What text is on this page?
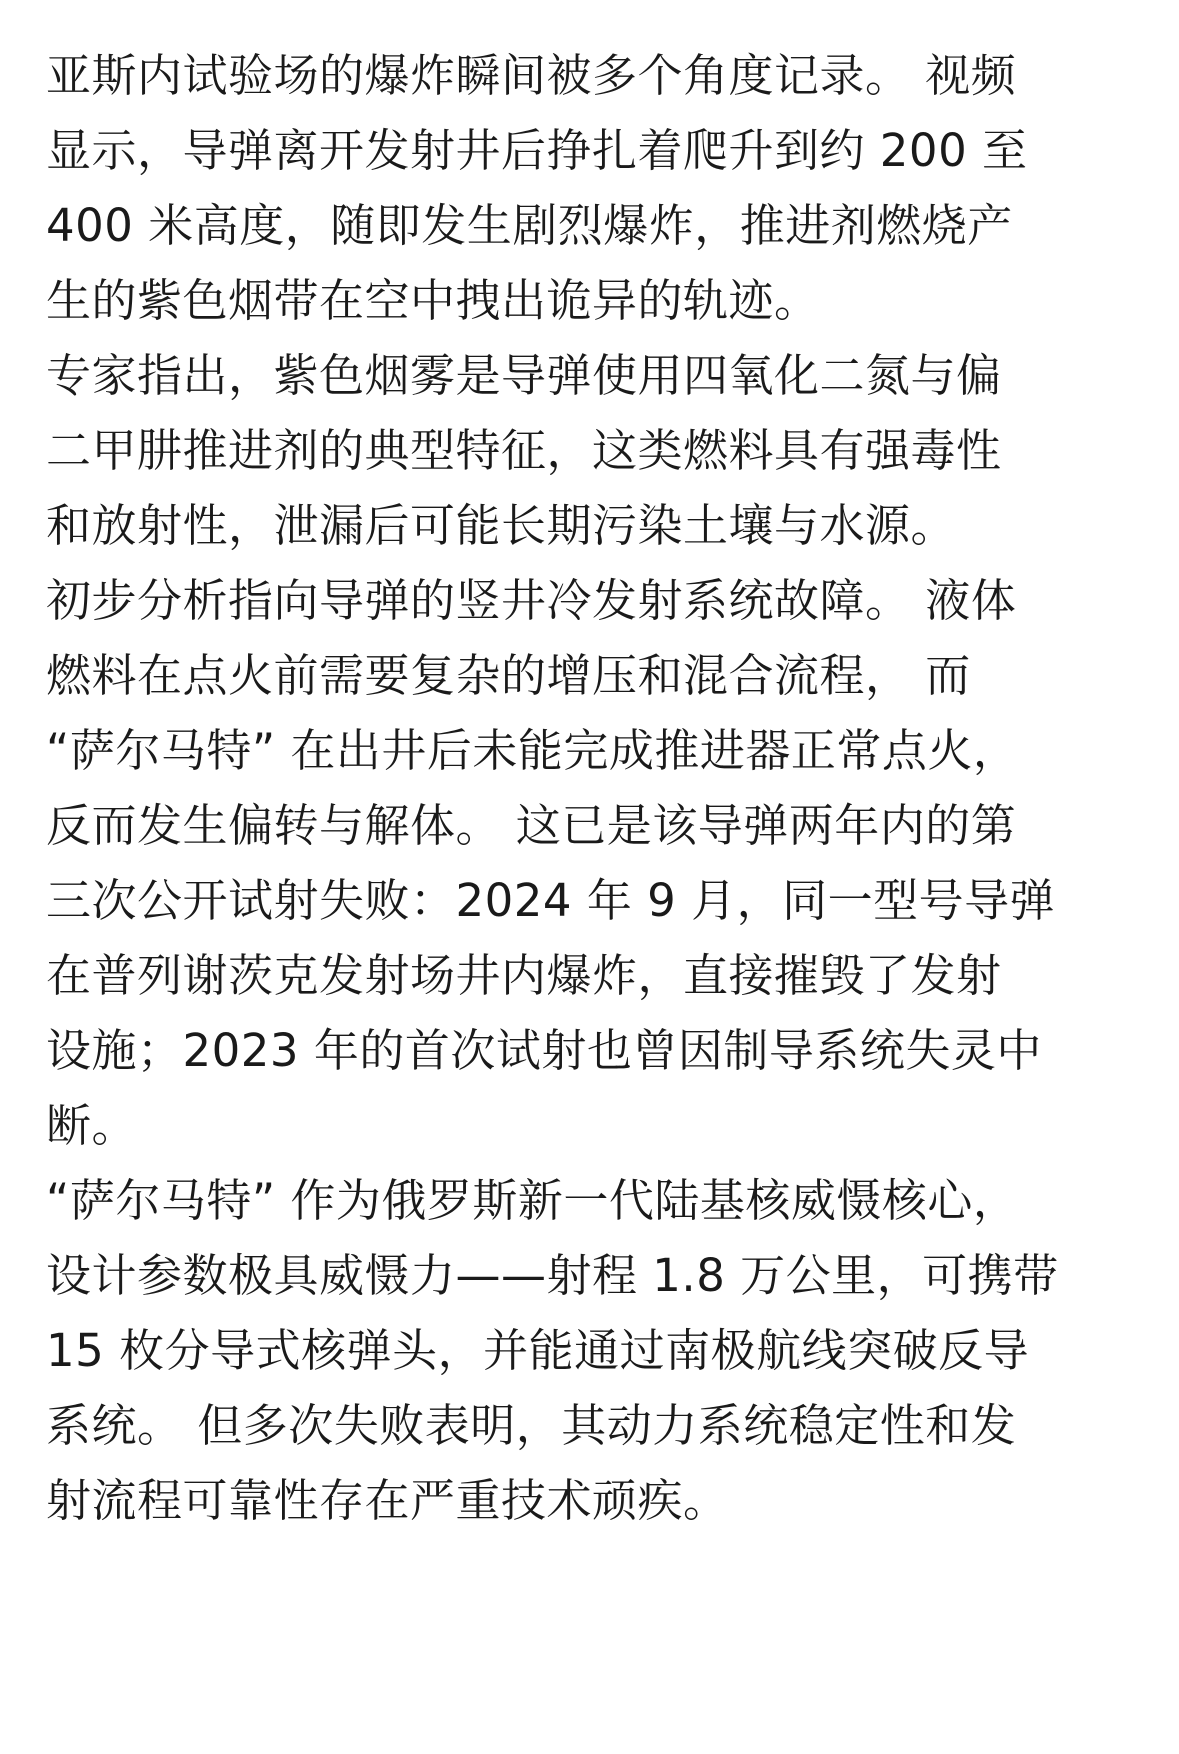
亚斯内试验场的爆炸瞬间被多个角度记录。 视频
显示，导弹离开发射井后挣扎着爬升到约 200 至
400 米高度，随即发生剧烈爆炸，推进剂燃烧产
生的紫色烟带在空中拽出诡异的轨迹。
专家指出，紫色烟雾是导弹使用四氧化二氮与偏
二甲肼推进剂的典型特征，这类燃料具有强毒性
和放射性，泄漏后可能长期污染土壤与水源。
初步分析指向导弹的竖井冷发射系统故障。 液体
燃料在点火前需要复杂的增压和混合流程， 而
“萨尔马特” 在出井后未能完成推进器正常点火，
反而发生偏转与解体。 这已是该导弹两年内的第
三次公开试射失败：2024 年 9 月，同一型号导弹
在普列谢茨克发射场井内爆炸，直接摧毁了发射
设施；2023 年的首次试射也曾因制导系统失灵中
断。
“萨尔马特” 作为俄罗斯新一代陆基核威慑核心，
设计参数极具威慑力——射程 1.8 万公里，可携带
15 枚分导式核弹头，并能通过南极航线突破反导
系统。 但多次失败表明，其动力系统稳定性和发
射流程可靠性存在严重技术顽疾。
